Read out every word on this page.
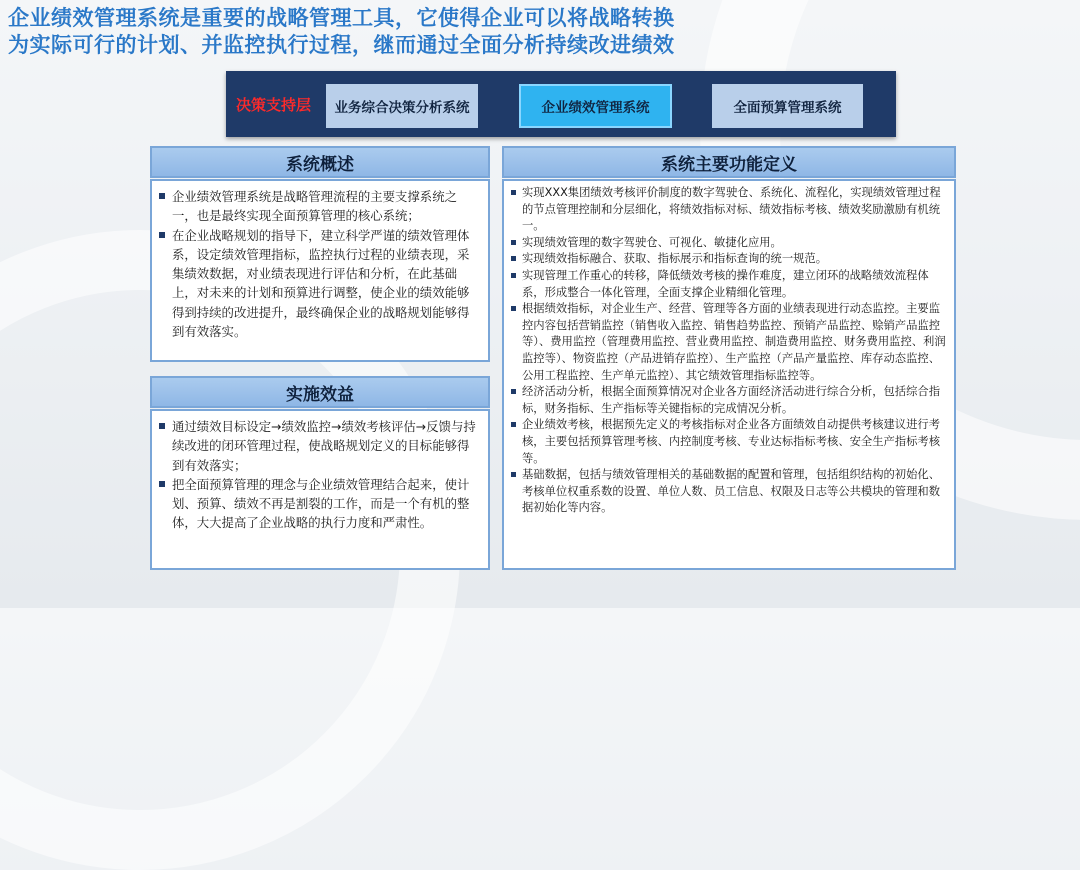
企业绩效管理系统是重要的战略管理工具，它使得企业可以将战略转换
为实际可行的计划、并监控执行过程，继而通过全面分析持续改进绩效
决策支持层	业务综合决策分析系统	企业绩效管理系统	全面预算管理系统
系统概述
企业绩效管理系统是战略管理流程的主要支撑系统之一，也是最终实现全面预算管理的核心系统；
在企业战略规划的指导下，建立科学严谨的绩效管理体系，设定绩效管理指标，监控执行过程的业绩表现，采集绩效数据，对业绩表现进行评估和分析，在此基础上，对未来的计划和预算进行调整，使企业的绩效能够得到持续的改进提升，最终确保企业的战略规划能够得到有效落实。
实施效益
通过绩效目标设定→绩效监控→绩效考核评估→反馈与持续改进的闭环管理过程，使战略规划定义的目标能够得到有效落实；
把全面预算管理的理念与企业绩效管理结合起来，使计划、预算、绩效不再是割裂的工作，而是一个有机的整体，大大提高了企业战略的执行力度和严肃性。
系统主要功能定义
实现XXX集团绩效考核评价制度的数字驾驶仓、系统化、流程化，实现绩效管理过程的节点管理控制和分层细化，将绩效指标对标、绩效指标考核、绩效奖励激励有机统一。
实现绩效管理的数字驾驶仓、可视化、敏捷化应用。
实现绩效指标融合、获取、指标展示和指标查询的统一规范。
实现管理工作重心的转移，降低绩效考核的操作难度，建立闭环的战略绩效流程体系，形成整合一体化管理，全面支撑企业精细化管理。
根据绩效指标，对企业生产、经营、管理等各方面的业绩表现进行动态监控。主要监控内容包括营销监控（销售收入监控、销售趋势监控、预销产品监控、赊销产品监控等）、费用监控（管理费用监控、营业费用监控、制造费用监控、财务费用监控、利润监控等）、物资监控（产品进销存监控）、生产监控（产品产量监控、库存动态监控、公用工程监控、生产单元监控）、其它绩效管理指标监控等。
经济活动分析，根据全面预算情况对企业各方面经济活动进行综合分析，包括综合指标，财务指标、生产指标等关键指标的完成情况分析。
企业绩效考核，根据预先定义的考核指标对企业各方面绩效自动提供考核建议进行考核，主要包括预算管理考核、内控制度考核、专业达标指标考核、安全生产指标考核等。
基础数据，包括与绩效管理相关的基础数据的配置和管理，包括组织结构的初始化、考核单位权重系数的设置、单位人数、员工信息、权限及日志等公共模块的管理和数据初始化等内容。
